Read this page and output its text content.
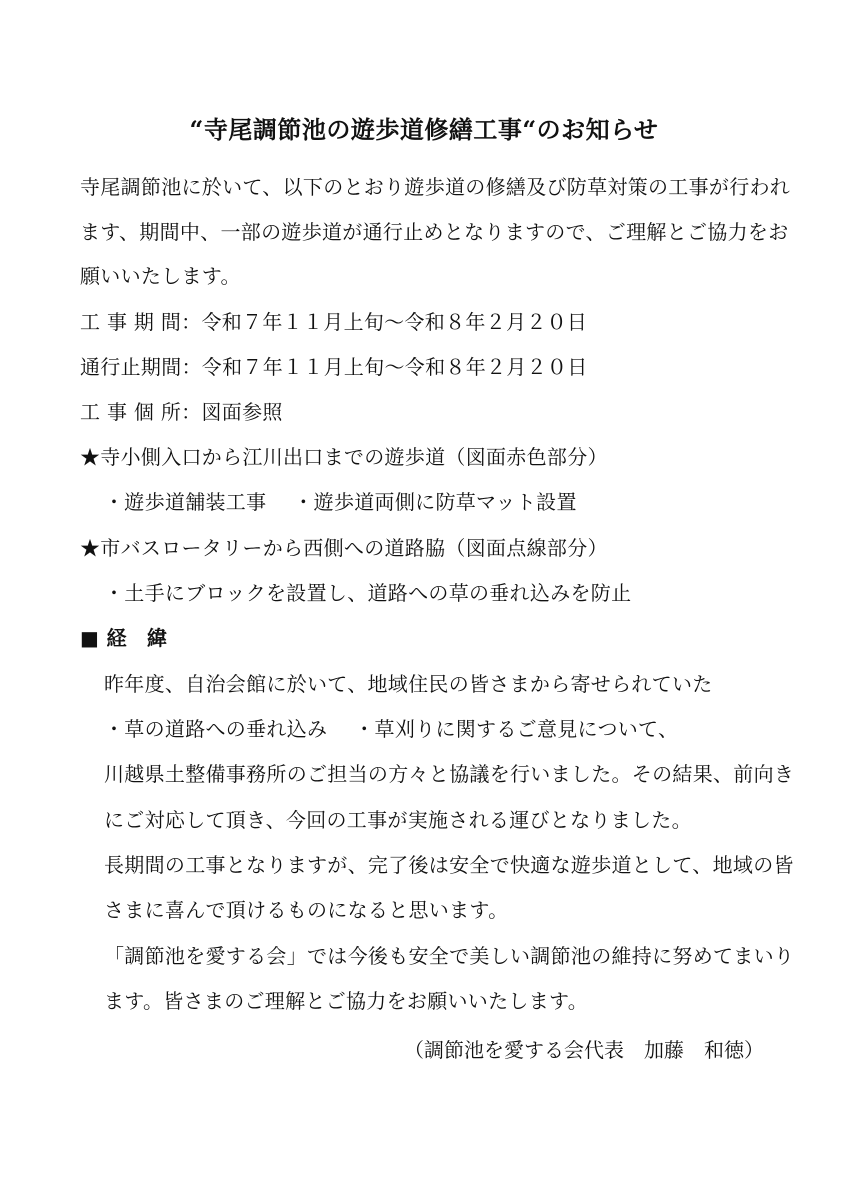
“寺尾調節池の遊歩道修繕工事“のお知らせ
寺尾調節池に於いて、以下のとおり遊歩道の修繕及び防草対策の工事が行われ
ます、期間中、一部の遊歩道が通行止めとなりますので、ご理解とご協力をお
願いいたします。
工 事 期 間：令和７年１１月上旬～令和８年２月２０日
通行止期間：令和７年１１月上旬～令和８年２月２０日
工 事 個 所：図面参照
★寺小側入口から江川出口までの遊歩道（図面赤色部分）
・遊歩道舗装工事　 ・遊歩道両側に防草マット設置
★市バスロータリーから西側への道路脇（図面点線部分）
・土手にブロックを設置し、道路への草の垂れ込みを防止
■ 経　緯
昨年度、自治会館に於いて、地域住民の皆さまから寄せられていた
・草の道路への垂れ込み　 ・草刈りに関するご意見について、
川越県土整備事務所のご担当の方々と協議を行いました。その結果、前向き
にご対応して頂き、今回の工事が実施される運びとなりました。
長期間の工事となりますが、完了後は安全で快適な遊歩道として、地域の皆
さまに喜んで頂けるものになると思います。
「調節池を愛する会」では今後も安全で美しい調節池の維持に努めてまいり
ます。皆さまのご理解とご協力をお願いいたします。
（調節池を愛する会代表　加藤　和徳）
